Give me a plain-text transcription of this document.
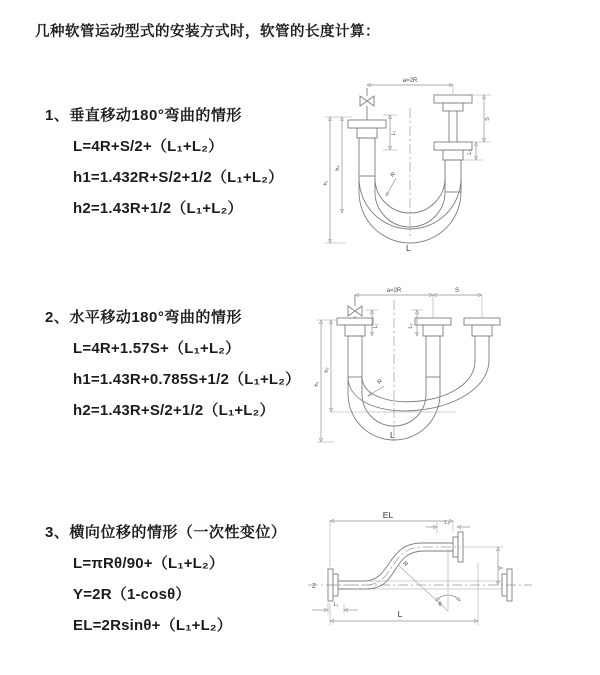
几种软管运动型式的安装方式时，软管的长度计算：

1、垂直移动180°弯曲的情形

L=4R+S/2+（L₁+L₂）

h1=1.432R+S/2+1/2（L₁+L₂）

h2=1.43R+1/2（L₁+L₂）

2、水平移动180°弯曲的情形

L=4R+1.57S+（L₁+L₂）

h1=1.43R+0.785S+1/2（L₁+L₂）

h2=1.43R+S/2+1/2（L₁+L₂）

3、横向位移的情形（一次性变位）

L=πRθ/90+（L₁+L₂）

Y=2R（1-cosθ）

EL=2Rsinθ+（L₁+L₂）

a=2R
h₁
h₂
L₁
S
L₂
R
L
a=2R	S
h₁
h₂
L₁	L₂
R
L
EL
L₂
Y
R
θ
L
L₁
Z
